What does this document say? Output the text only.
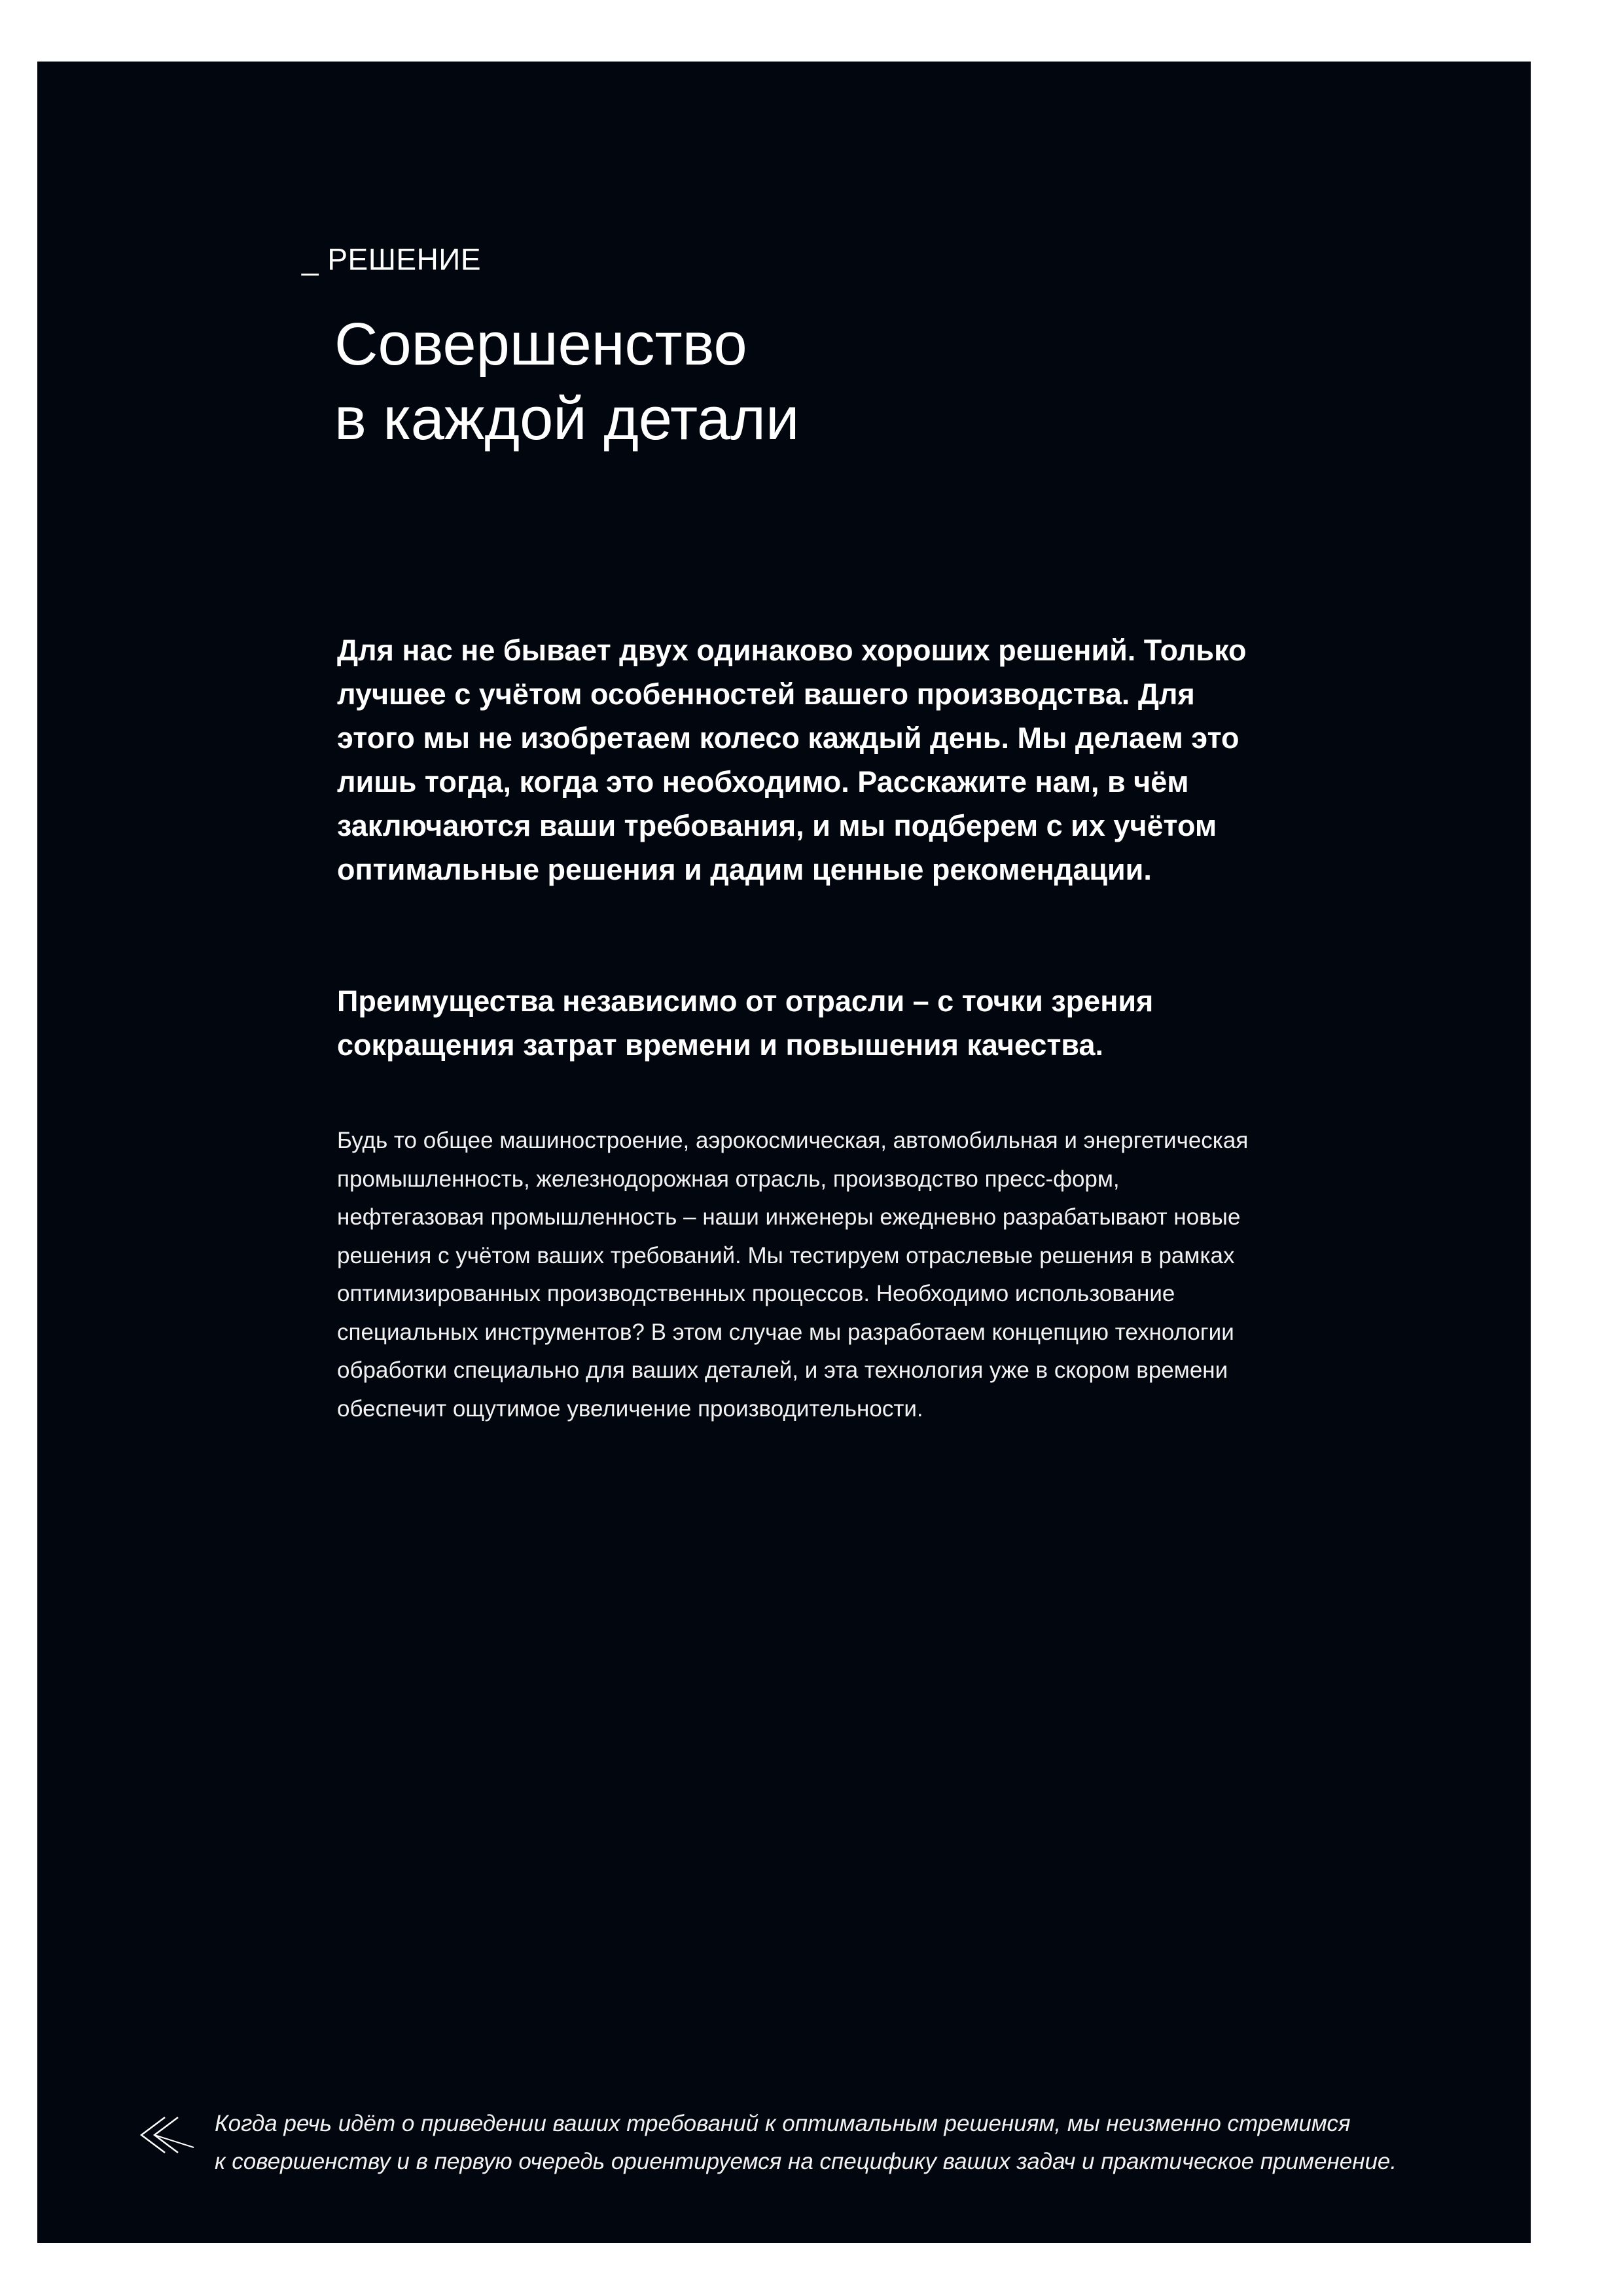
_ РЕШЕНИЕ
Совершенство
в каждой детали
Для нас не бывает двух одинаково хороших решений. Только
лучшее с учётом особенностей вашего производства. Для
этого мы не изобретаем колесо каждый день. Мы делаем это
лишь тогда, когда это необходимо. Расскажите нам, в чём
заключаются ваши требования, и мы подберем с их учётом
оптимальные решения и дадим ценные рекомендации.
Преимущества независимо от отрасли – с точки зрения
сокращения затрат времени и повышения качества.
Будь то общее машиностроение, аэрокосмическая, автомобильная и энергетическая
промышленность, железнодорожная отрасль, производство пресс-форм,
нефтегазовая промышленность – наши инженеры ежедневно разрабатывают новые
решения с учётом ваших требований. Мы тестируем отраслевые решения в рамках
оптимизированных производственных процессов. Необходимо использование
специальных инструментов? В этом случае мы разработаем концепцию технологии
обработки специально для ваших деталей, и эта технология уже в скором времени
обеспечит ощутимое увеличение производительности.
Когда речь идёт о приведении ваших требований к оптимальным решениям, мы неизменно стремимся
к совершенству и в первую очередь ориентируемся на специфику ваших задач и практическое применение.
